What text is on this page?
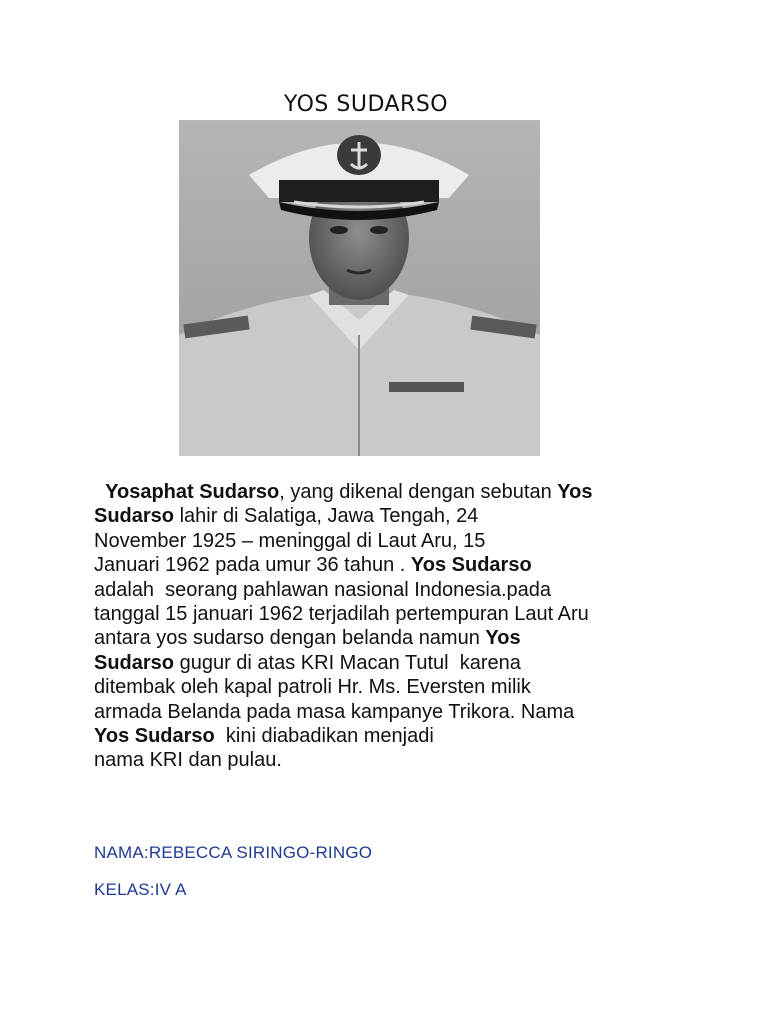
YOS SUDARSO
Yosaphat Sudarso, yang dikenal dengan sebutan Yos
Sudarso lahir di Salatiga, Jawa Tengah, 24
November 1925 – meninggal di Laut Aru, 15
Januari 1962 pada umur 36 tahun . Yos Sudarso
adalah  seorang pahlawan nasional Indonesia.pada
tanggal 15 januari 1962 terjadilah pertempuran Laut Aru
antara yos sudarso dengan belanda namun Yos
Sudarso gugur di atas KRI Macan Tutul  karena
ditembak oleh kapal patroli Hr. Ms. Eversten milik
armada Belanda pada masa kampanye Trikora. Nama
Yos Sudarso  kini diabadikan menjadi
nama KRI dan pulau.
NAMA:REBECCA SIRINGO-RINGO
KELAS:IV A
